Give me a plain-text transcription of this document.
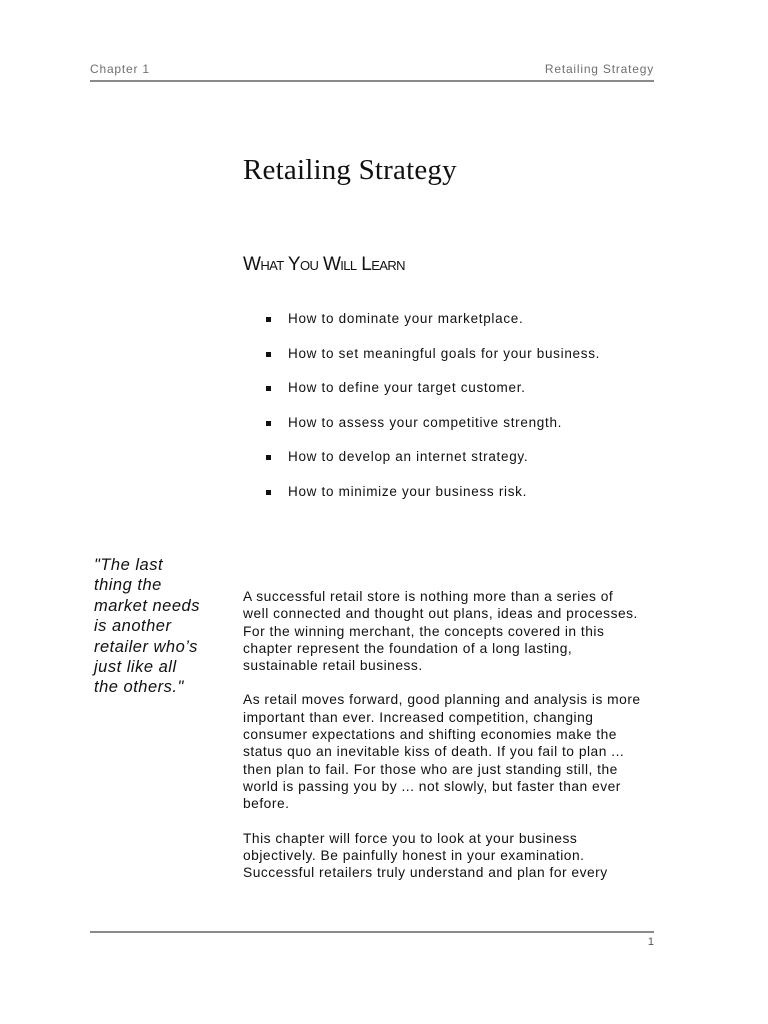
Chapter 1	Retailing Strategy
Retailing Strategy
What You Will Learn
How to dominate your marketplace.
How to set meaningful goals for your business.
How to define your target customer.
How to assess your competitive strength.
How to develop an internet strategy.
How to minimize your business risk.

"The last thing the market needs is another retailer who’s just like all the others."

A successful retail store is nothing more than a series of well connected and thought out plans, ideas and processes. For the winning merchant, the concepts covered in this chapter represent the foundation of a long lasting, sustainable retail business.

As retail moves forward, good planning and analysis is more important than ever. Increased competition, changing consumer expectations and shifting economies make the status quo an inevitable kiss of death. If you fail to plan ... then plan to fail. For those who are just standing still, the world is passing you by ... not slowly, but faster than ever before.

This chapter will force you to look at your business objectively. Be painfully honest in your examination. Successful retailers truly understand and plan for every

1
